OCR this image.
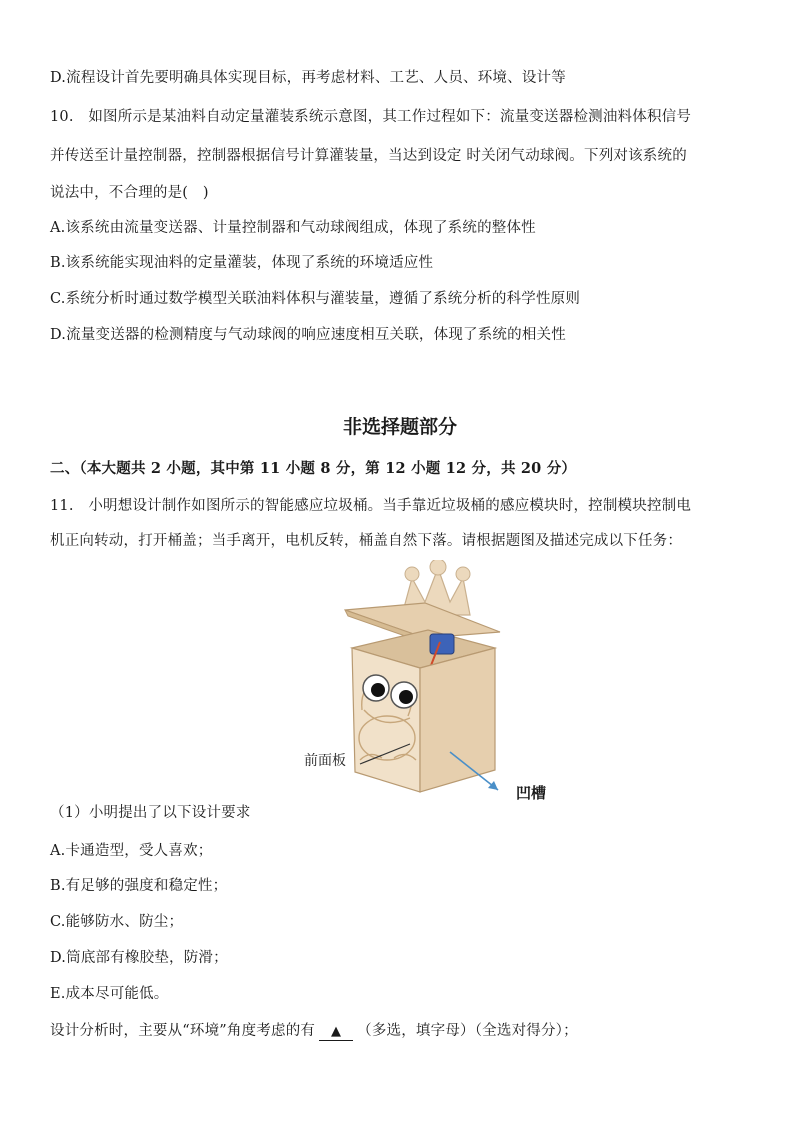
D.流程设计首先要明确具体实现目标，再考虑材料、工艺、人员、环境、设计等
10.　如图所示是某油料自动定量灌装系统示意图，其工作过程如下：流量变送器检测油料体积信号
并传送至计量控制器，控制器根据信号计算灌装量，当达到设定 时关闭气动球阀。下列对该系统的
说法中，不合理的是(　)
A.该系统由流量变送器、计量控制器和气动球阀组成，体现了系统的整体性
B.该系统能实现油料的定量灌装，体现了系统的环境适应性
C.系统分析时通过数学模型关联油料体积与灌装量，遵循了系统分析的科学性原则
D.流量变送器的检测精度与气动球阀的响应速度相互关联，体现了系统的相关性
非选择题部分
二、（本大题共 2 小题，其中第 11 小题 8 分，第 12 小题 12 分，共 20 分）
11.　小明想设计制作如图所示的智能感应垃圾桶。当手靠近垃圾桶的感应模块时，控制模块控制电
机正向转动，打开桶盖；当手离开，电机反转，桶盖自然下落。请根据题图及描述完成以下任务：
前面板
凹槽
（1）小明提出了以下设计要求
A.卡通造型，受人喜欢；
B.有足够的强度和稳定性；
C.能够防水、防尘；
D.筒底部有橡胶垫，防滑；
E.成本尽可能低。
设计分析时，主要从“环境”角度考虑的有 ▲ （多选，填字母）（全选对得分）；
